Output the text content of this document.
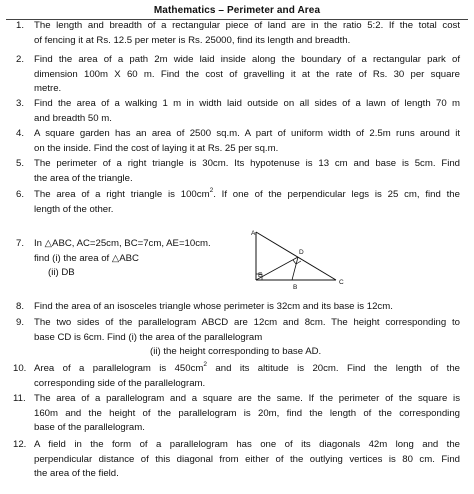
Mathematics – Perimeter and Area
1. The length and breadth of a rectangular piece of land are in the ratio 5:2. If the total cost
of fencing it at Rs. 12.5 per meter is Rs. 25000, find its length and breadth.
2. Find the area of a path 2m wide laid inside along the boundary of a rectangular park of
dimension 100m X 60 m. Find the cost of gravelling it at the rate of Rs. 30 per square
metre.
3. Find the area of a walking 1 m in width laid outside on all sides of a lawn of length 70 m
and breadth 50 m.
4. A square garden has an area of 2500 sq.m. A part of uniform width of 2.5m runs around it
on the inside. Find the cost of laying it at Rs. 25 per sq.m.
5. The perimeter of a right triangle is 30cm. Its hypotenuse is 13 cm and base is 5cm. Find
the area of the triangle.
6. The area of a right triangle is $100cm^2$. If one of the perpendicular legs is 25 cm, find the
length of the other.
7. In △ABC, AC=25cm, BC=7cm, AE=10cm.
find (i) the area of △ABC
(ii) DB
A
B
C
D
E
8. Find the area of an isosceles triangle whose perimeter is 32cm and its base is 12cm.
9. The two sides of the parallelogram ABCD are 12cm and 8cm. The height corresponding to
base CD is 6cm. Find (i) the area of the parallelogram
(ii) the height corresponding to base AD.
10. Area of a parallelogram is $450cm^2$ and its altitude is 20cm. Find the length of the
corresponding side of the parallelogram.
11. The area of a parallelogram and a square are the same. If the perimeter of the square is
160m and the height of the parallelogram is 20m, find the length of the corresponding
base of the parallelogram.
12. A field in the form of a parallelogram has one of its diagonals 42m long and the
perpendicular distance of this diagonal from either of the outlying vertices is 80 cm. Find
the area of the field.
